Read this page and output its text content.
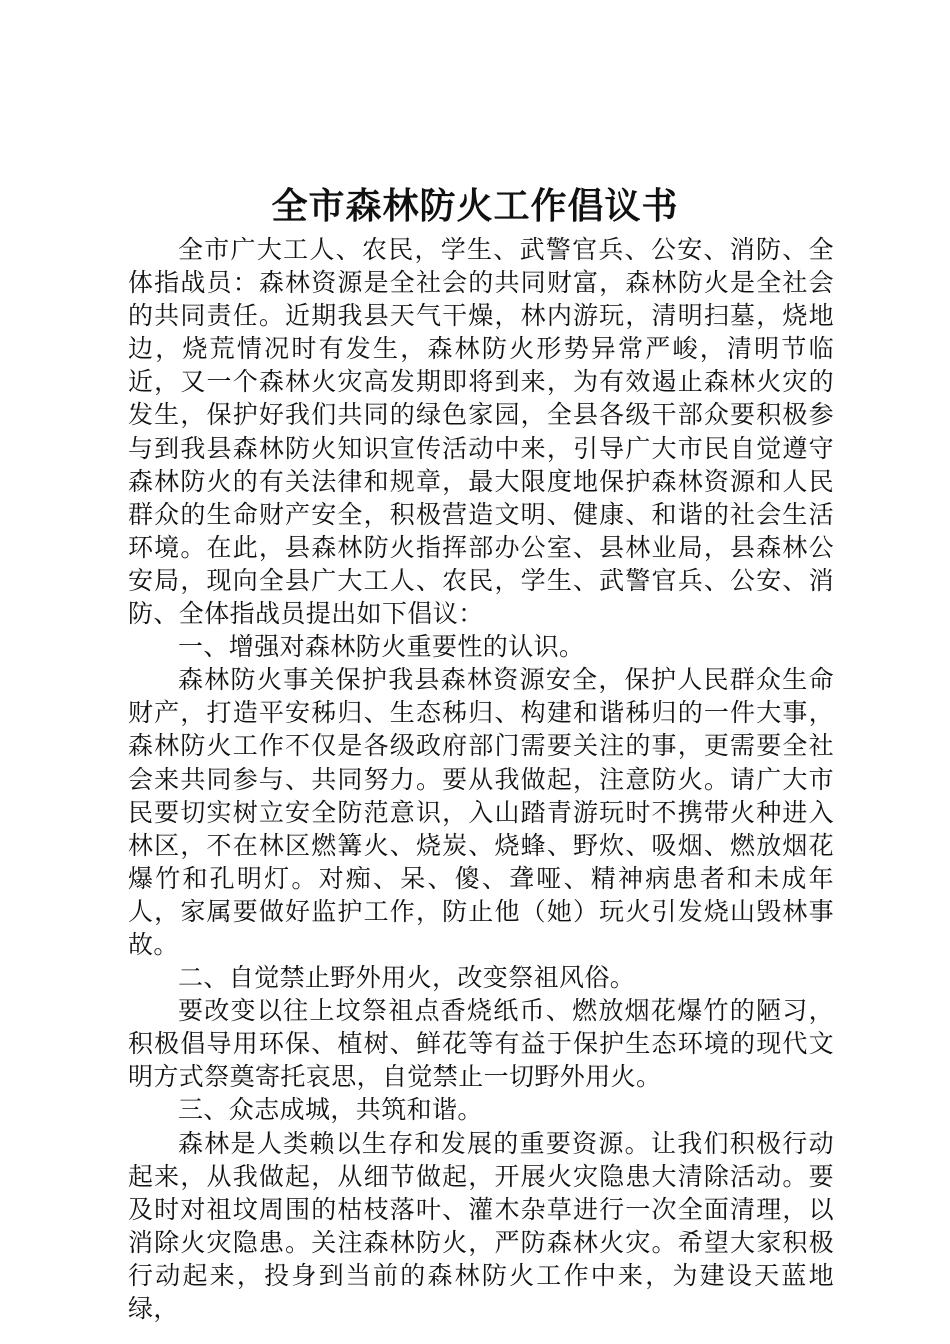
全市森林防火工作倡议书

全市广大工人、农民，学生、武警官兵、公安、消防、全体指战员：森林资源是全社会的共同财富，森林防火是全社会的共同责任。近期我县天气干燥，林内游玩，清明扫墓，烧地边，烧荒情况时有发生，森林防火形势异常严峻，清明节临近，又一个森林火灾高发期即将到来，为有效遏止森林火灾的发生，保护好我们共同的绿色家园，全县各级干部众要积极参与到我县森林防火知识宣传活动中来，引导广大市民自觉遵守森林防火的有关法律和规章，最大限度地保护森林资源和人民群众的生命财产安全，积极营造文明、健康、和谐的社会生活环境。在此，县森林防火指挥部办公室、县林业局，县森林公安局，现向全县广大工人、农民，学生、武警官兵、公安、消防、全体指战员提出如下倡议：

一、增强对森林防火重要性的认识。

森林防火事关保护我县森林资源安全，保护人民群众生命财产，打造平安秭归、生态秭归、构建和谐秭归的一件大事，森林防火工作不仅是各级政府部门需要关注的事，更需要全社会来共同参与、共同努力。要从我做起，注意防火。请广大市民要切实树立安全防范意识，入山踏青游玩时不携带火种进入林区，不在林区燃篝火、烧炭、烧蜂、野炊、吸烟、燃放烟花爆竹和孔明灯。对痴、呆、傻、聋哑、精神病患者和未成年人，家属要做好监护工作，防止他（她）玩火引发烧山毁林事故。

二、自觉禁止野外用火，改变祭祖风俗。

要改变以往上坟祭祖点香烧纸币、燃放烟花爆竹的陋习，积极倡导用环保、植树、鲜花等有益于保护生态环境的现代文明方式祭奠寄托哀思，自觉禁止一切野外用火。

三、众志成城，共筑和谐。

森林是人类赖以生存和发展的重要资源。让我们积极行动起来，从我做起，从细节做起，开展火灾隐患大清除活动。要及时对祖坟周围的枯枝落叶、灌木杂草进行一次全面清理，以消除火灾隐患。关注森林防火，严防森林火灾。希望大家积极行动起来，投身到当前的森林防火工作中来，为建设天蓝地绿，
